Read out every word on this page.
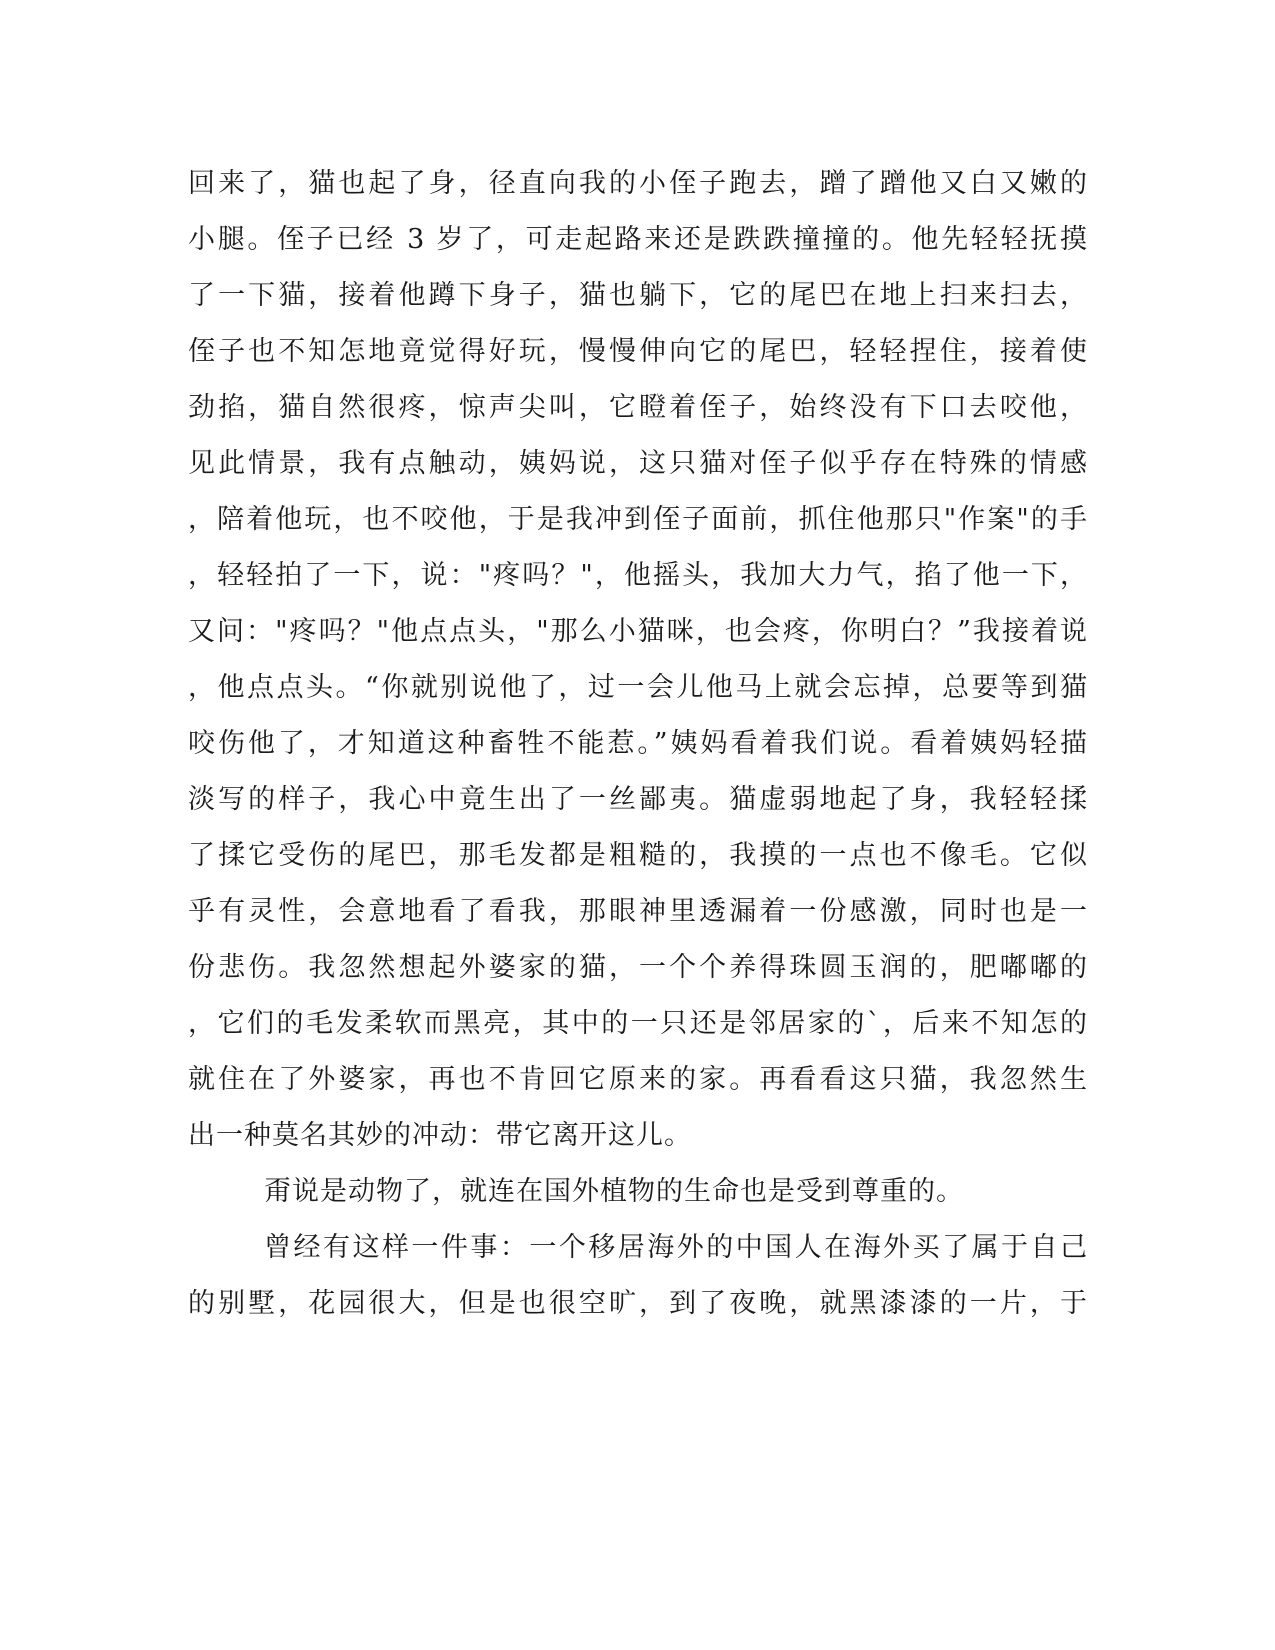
回来了，猫也起了身，径直向我的小侄子跑去，蹭了蹭他又白又嫩的
小腿。侄子已经 3 岁了，可走起路来还是跌跌撞撞的。他先轻轻抚摸
了一下猫，接着他蹲下身子，猫也躺下，它的尾巴在地上扫来扫去，
侄子也不知怎地竟觉得好玩，慢慢伸向它的尾巴，轻轻捏住，接着使
劲掐，猫自然很疼，惊声尖叫，它瞪着侄子，始终没有下口去咬他，
见此情景，我有点触动，姨妈说，这只猫对侄子似乎存在特殊的情感
，陪着他玩，也不咬他，于是我冲到侄子面前，抓住他那只"作案"的手
，轻轻拍了一下，说："疼吗？"，他摇头，我加大力气，掐了他一下，
又问："疼吗？"他点点头，"那么小猫咪，也会疼，你明白？”我接着说
，他点点头。“你就别说他了，过一会儿他马上就会忘掉，总要等到猫
咬伤他了，才知道这种畜牲不能惹。”姨妈看着我们说。看着姨妈轻描
淡写的样子，我心中竟生出了一丝鄙夷。猫虚弱地起了身，我轻轻揉
了揉它受伤的尾巴，那毛发都是粗糙的，我摸的一点也不像毛。它似
乎有灵性，会意地看了看我，那眼神里透漏着一份感激，同时也是一
份悲伤。我忽然想起外婆家的猫，一个个养得珠圆玉润的，肥嘟嘟的
，它们的毛发柔软而黑亮，其中的一只还是邻居家的`，后来不知怎的
就住在了外婆家，再也不肯回它原来的家。再看看这只猫，我忽然生
出一种莫名其妙的冲动：带它离开这儿。
甭说是动物了，就连在国外植物的生命也是受到尊重的。
曾经有这样一件事：一个移居海外的中国人在海外买了属于自己
的别墅，花园很大，但是也很空旷，到了夜晚，就黑漆漆的一片，于
